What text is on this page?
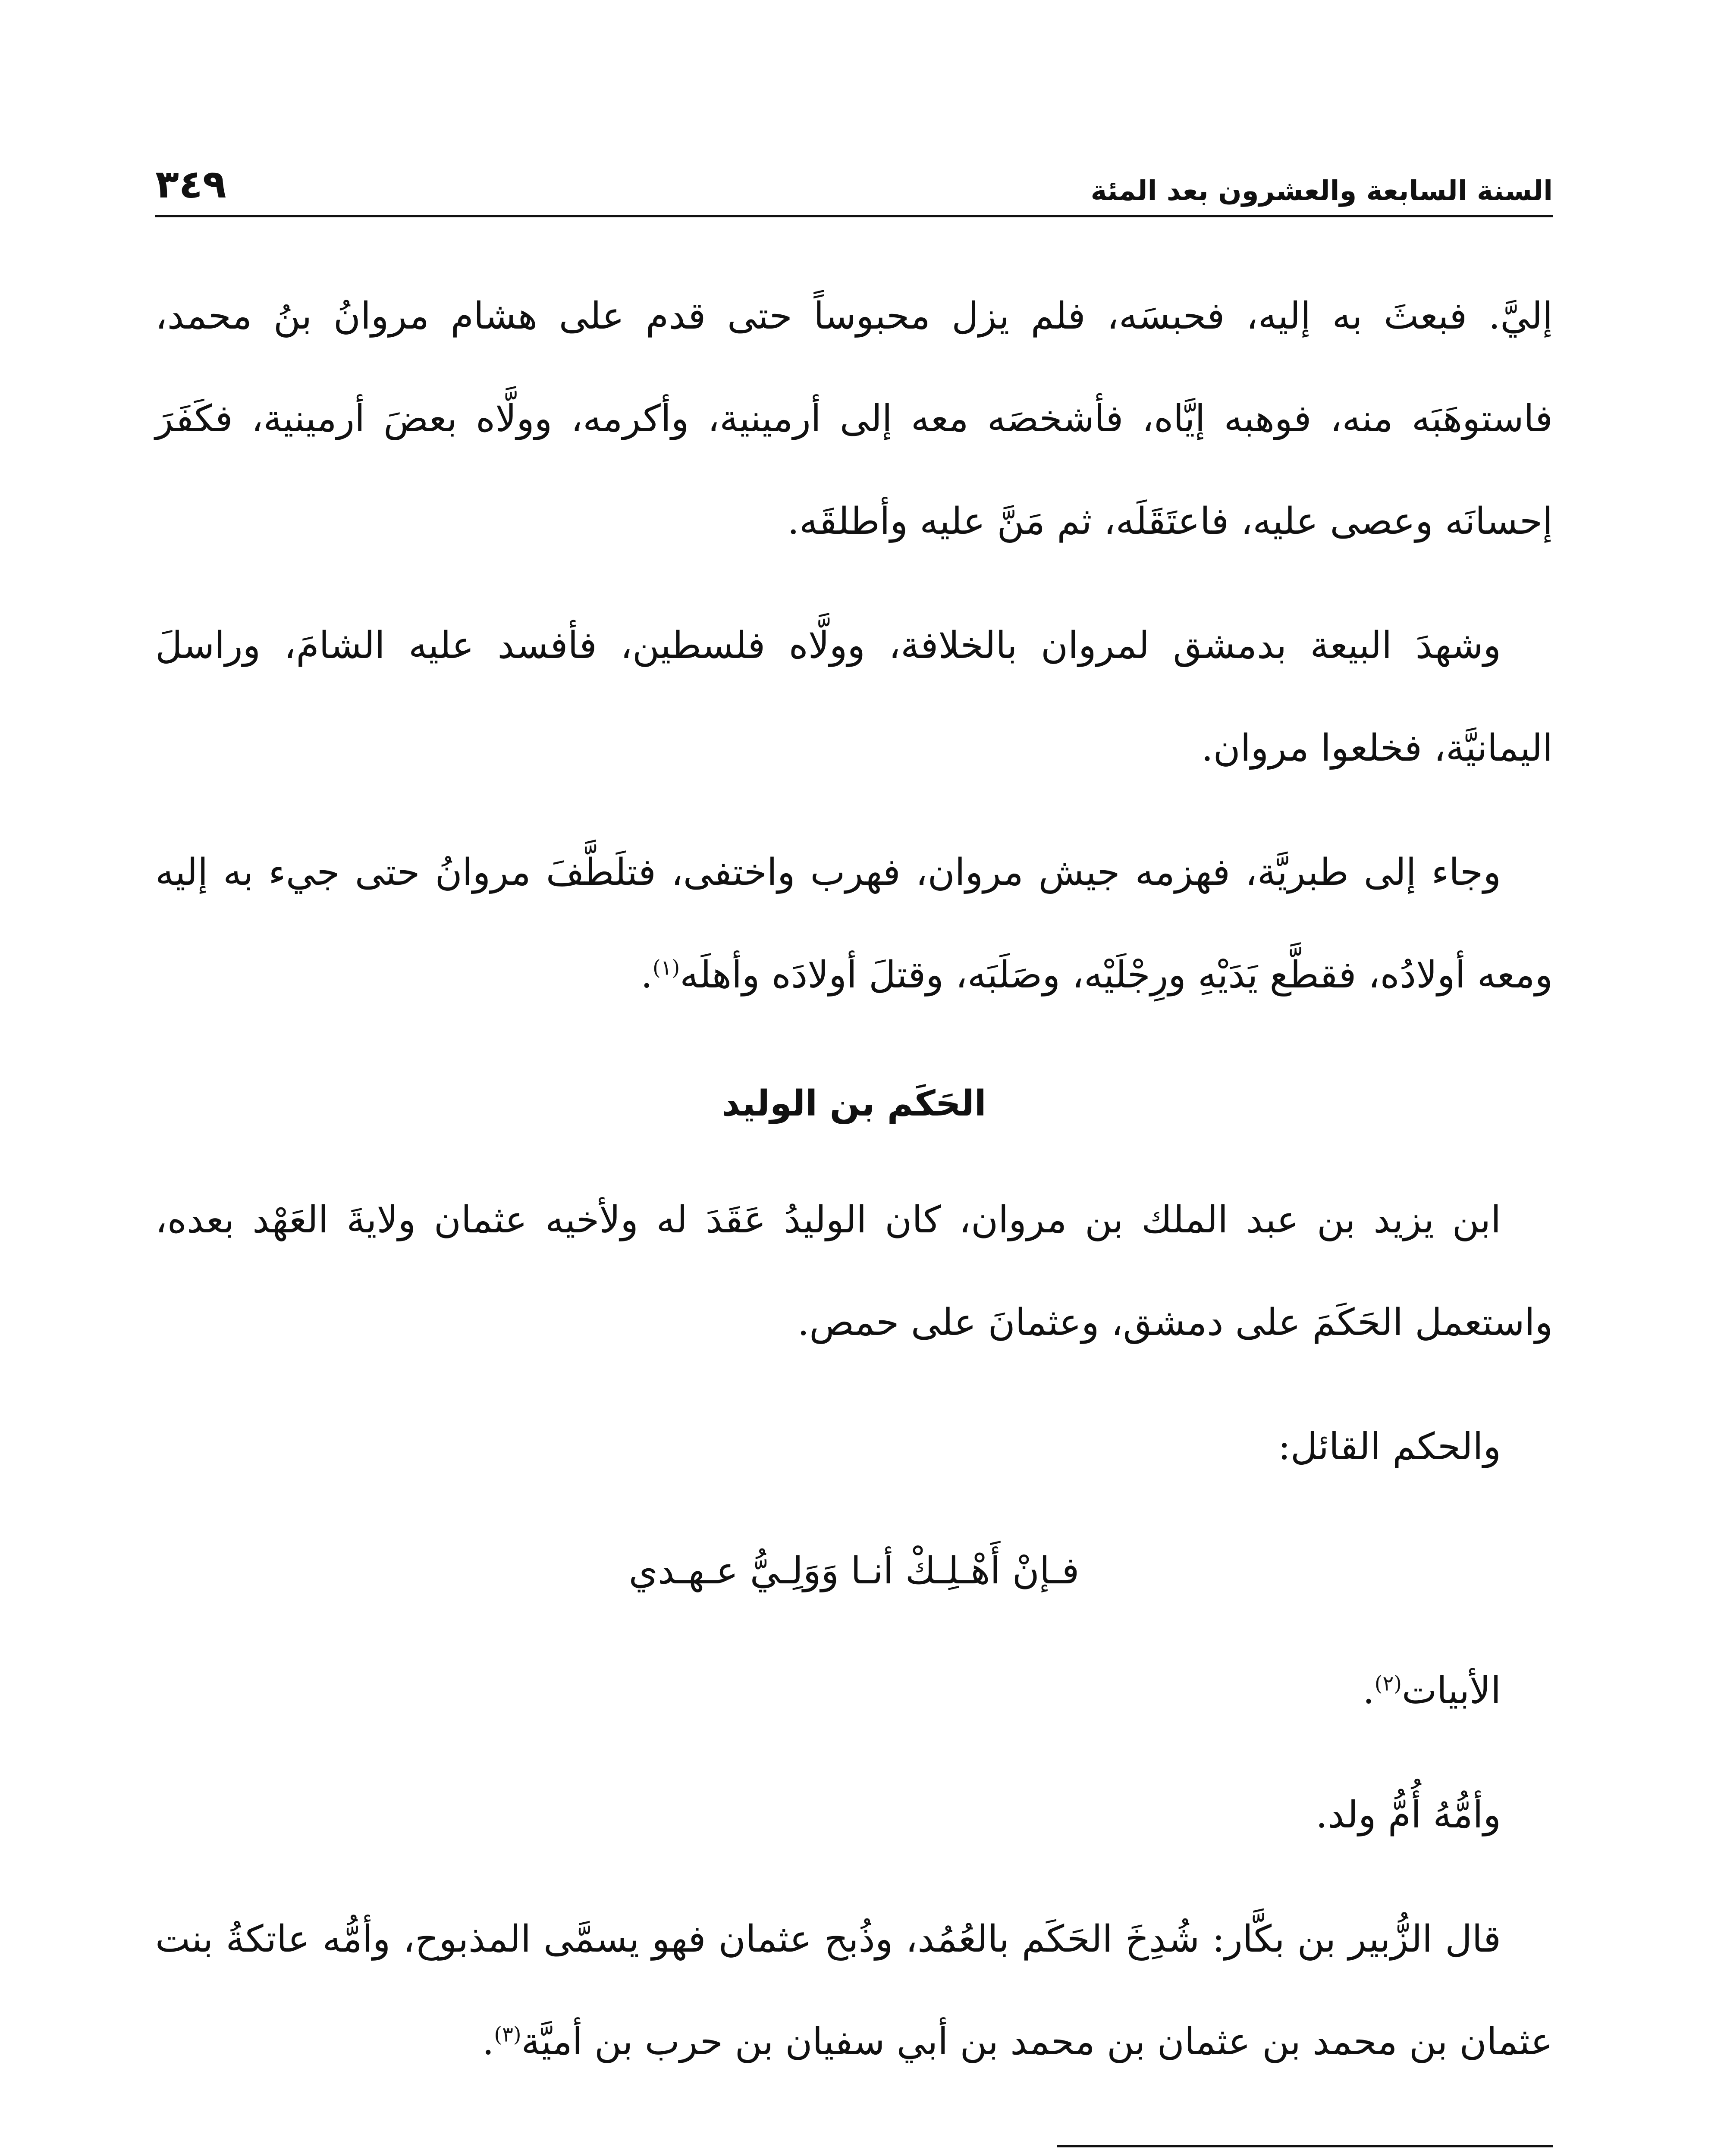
السنة السابعة والعشرون بعد المئة
٣٤٩

إليَّ. فبعثَ به إليه، فحبسَه، فلم يزل محبوساً حتى قدم على هشام مروانُ بنُ محمد، فاستوهَبَه منه، فوهبه إيَّاه، فأشخصَه معه إلى أرمينية، وأكرمه، وولَّاه بعضَ أرمينية، فكَفَرَ إحسانَه وعصى عليه، فاعتَقَلَه، ثم مَنَّ عليه وأطلقَه.

وشهدَ البيعة بدمشق لمروان بالخلافة، وولَّاه فلسطين، فأفسد عليه الشامَ، وراسلَ اليمانيَّة، فخلعوا مروان.

وجاء إلى طبريَّة، فهزمه جيش مروان، فهرب واختفى، فتلَطَّفَ مروانُ حتى جيء به إليه ومعه أولادُه، فقطَّع يَدَيْهِ ورِجْلَيْه، وصَلَبَه، وقتلَ أولادَه وأهلَه$^{(١)}$.

الحَكَم بن الوليد

ابن يزيد بن عبد الملك بن مروان، كان الوليدُ عَقَدَ له ولأخيه عثمان ولايةَ العَهْد بعده، واستعمل الحَكَمَ على دمشق، وعثمانَ على حمص.

والحكم القائل:

فـإنْ أَهْـلِـكْ أنـا وَوَلِـيُّ عـهـدي

الأبيات$^{(٢)}$.

وأمُّهُ أُمُّ ولد.

قال الزُّبير بن بكَّار: شُدِخَ الحَكَم بالعُمُد، وذُبح عثمان فهو يسمَّى المذبوح، وأمُّه عاتكةُ بنت عثمان بن محمد بن عثمان بن محمد بن أبي سفيان بن حرب بن أميَّة$^{(٣)}$.
